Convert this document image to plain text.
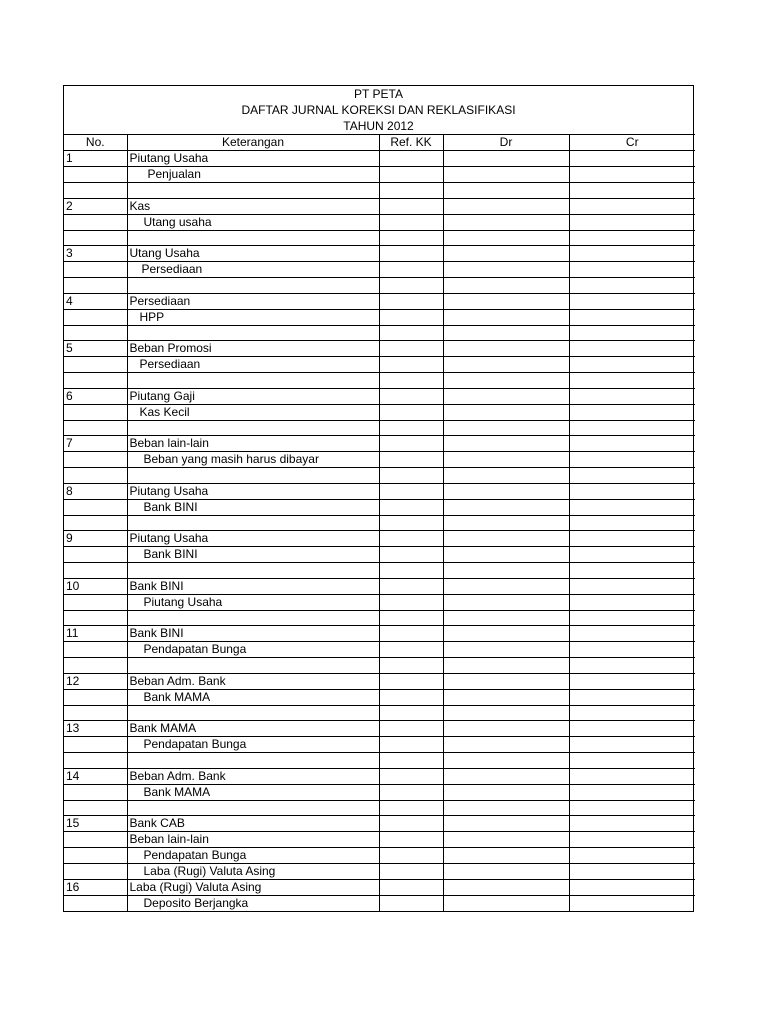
PT PETA
DAFTAR JURNAL KOREKSI DAN REKLASIFIKASI
TAHUN 2012
No.	Keterangan	Ref. KK	Dr	Cr
1	Piutang Usaha			
	Penjualan			

2	Kas			
	Utang usaha			

3	Utang Usaha			
	Persediaan			

4	Persediaan			
	HPP			

5	Beban Promosi			
	Persediaan			

6	Piutang Gaji			
	Kas Kecil			

7	Beban lain-lain			
	Beban yang masih harus dibayar			

8	Piutang Usaha			
	Bank BINI			

9	Piutang Usaha			
	Bank BINI			

10	Bank BINI			
	Piutang Usaha			

11	Bank BINI			
	Pendapatan Bunga			

12	Beban Adm. Bank			
	Bank MAMA			

13	Bank MAMA			
	Pendapatan Bunga			

14	Beban Adm. Bank			
	Bank MAMA			

15	Bank CAB			
	Beban lain-lain			
	Pendapatan Bunga			
	Laba (Rugi) Valuta Asing			
16	Laba (Rugi) Valuta Asing			
	Deposito Berjangka			
